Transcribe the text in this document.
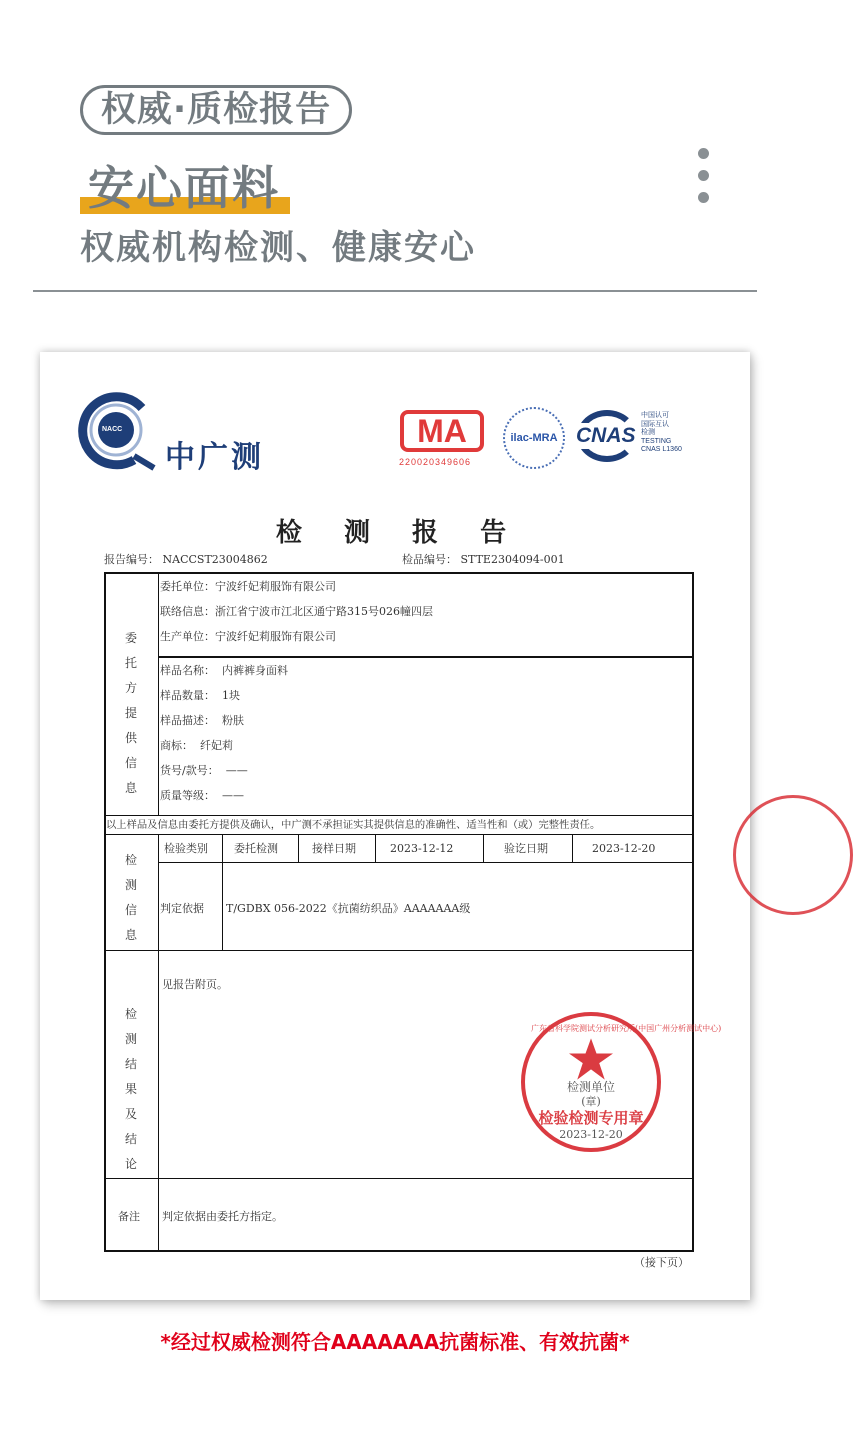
权威·质检报告
安心面料
权威机构检测、健康安心
NACC
中广测
MA
220020349606
ilac-MRA CNAS
中国认可
国际互认
检测
TESTING
CNAS L1360
检  测  报  告
报告编号： NACCST23004862	检品编号： STTE2304094-001
委托方提供信息
委托单位：宁波纤妃莉服饰有限公司
联络信息：浙江省宁波市江北区通宁路315号026幢四层
生产单位：宁波纤妃莉服饰有限公司
样品名称：  内裤裤身面料
样品数量：  1块
样品描述：  粉肤
商标：  纤妃莉
货号/款号：  ——
质量等级：  ——
以上样品及信息由委托方提供及确认，中广测不承担证实其提供信息的准确性、适当性和（或）完整性责任。
检测信息
检验类别 委托检测	接样日期	2023-12-12	验讫日期	2023-12-20
判定依据 T/GDBX 056-2022《抗菌纺织品》AAAAAAA级
检测结果及结论
见报告附页。
广东省科学院测试分析研究所(中国广州分析测试中心)
检测单位
(章)
检验检测专用章
2023-12-20
备注 判定依据由委托方指定。
（接下页）
*经过权威检测符合AAAAAAA抗菌标准、有效抗菌*
